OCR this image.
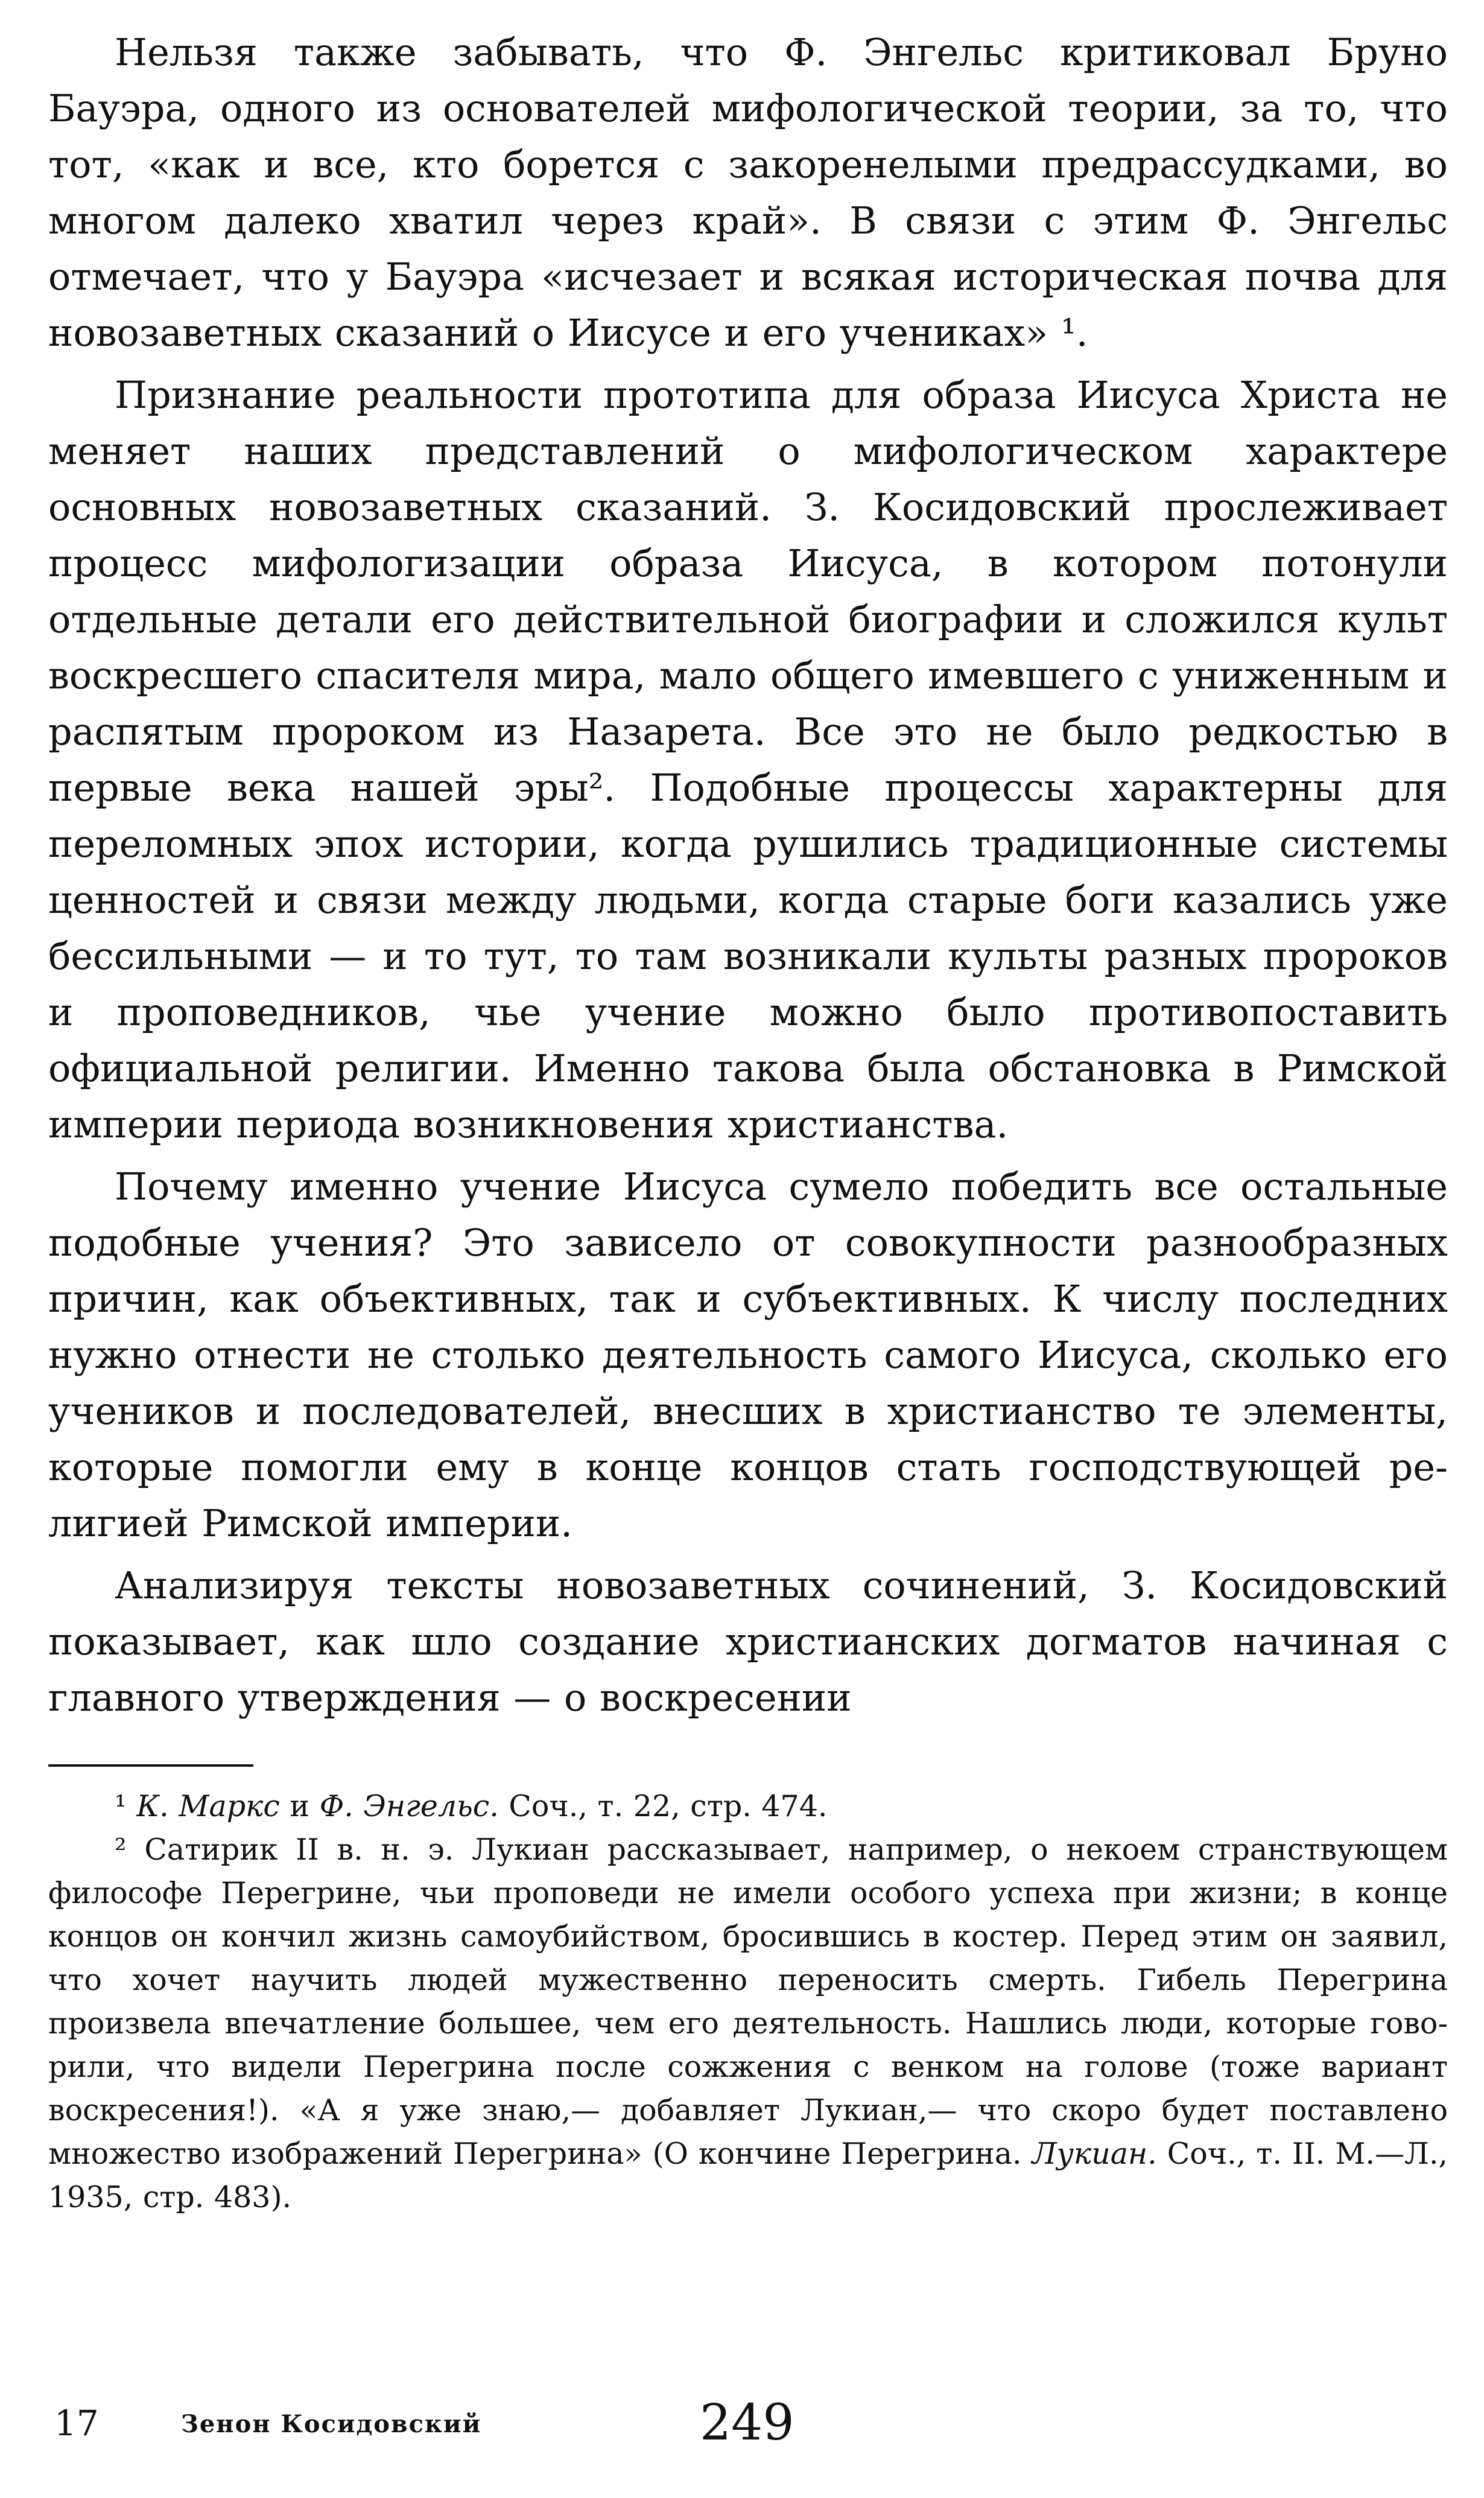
Нельзя также забывать, что Ф. Энгельс критиковал Бруно Бауэра, одного из основателей мифологической теории, за то, что тот, «как и все, кто борется с закоренелыми предрассудками, во многом далеко хватил через край». В связи с этим Ф. Энгельс отмечает, что у Бауэра «исчезает и всякая историческая почва для новозаветных сказаний о Иисусе и его учениках» ¹.

Признание реальности прототипа для образа Иисуса Христа не меняет наших представлений о мифологическом характере основных новозаветных сказаний. З. Косидовский прослеживает процесс мифологизации образа Иисуса, в котором потонули отдельные детали его действительной биографии и сложился культ воскресшего спасителя мира, мало общего имевшего с униженным и распятым пророком из Назарета. Все это не было редкостью в первые века нашей эры². Подобные процессы характерны для переломных эпох истории, когда рушились традиционные системы ценностей и связи между людьми, когда старые боги казались уже бессильными — и то тут, то там возникали культы разных пророков и проповедников, чье учение можно было противопоставить официальной религии. Именно такова была обстановка в Римской империи периода возникновения христианства.

Почему именно учение Иисуса сумело победить все остальные подобные учения? Это зависело от совокупности разнообразных причин, как объективных, так и субъективных. К числу последних нужно отнести не столько деятельность самого Иисуса, сколько его учеников и последователей, внесших в христианство те элементы, которые помогли ему в конце концов стать господствующей религией Римской империи.

Анализируя тексты новозаветных сочинений, З. Косидовский показывает, как шло создание христианских догматов начиная с главного утверждения — о воскресении

¹ К. Маркс и Ф. Энгельс. Соч., т. 22, стр. 474.

² Сатирик II в. н. э. Лукиан рассказывает, например, о некоем странствующем философе Перегрине, чьи проповеди не имели особого успеха при жизни; в конце концов он кончил жизнь самоубийством, бросившись в костер. Перед этим он заявил, что хочет научить людей мужественно переносить смерть. Гибель Перегрина произвела впечатление большее, чем его деятельность. Нашлись люди, которые говорили, что видели Перегрина после сожжения с венком на голове (тоже вариант воскресения!). «А я уже знаю,— добавляет Лукиан,— что скоро будет поставлено множество изображений Перегрина» (О кончине Перегрина. Лукиан. Соч., т. II. М.—Л., 1935, стр. 483).

17	Зенон Косидовский	249
